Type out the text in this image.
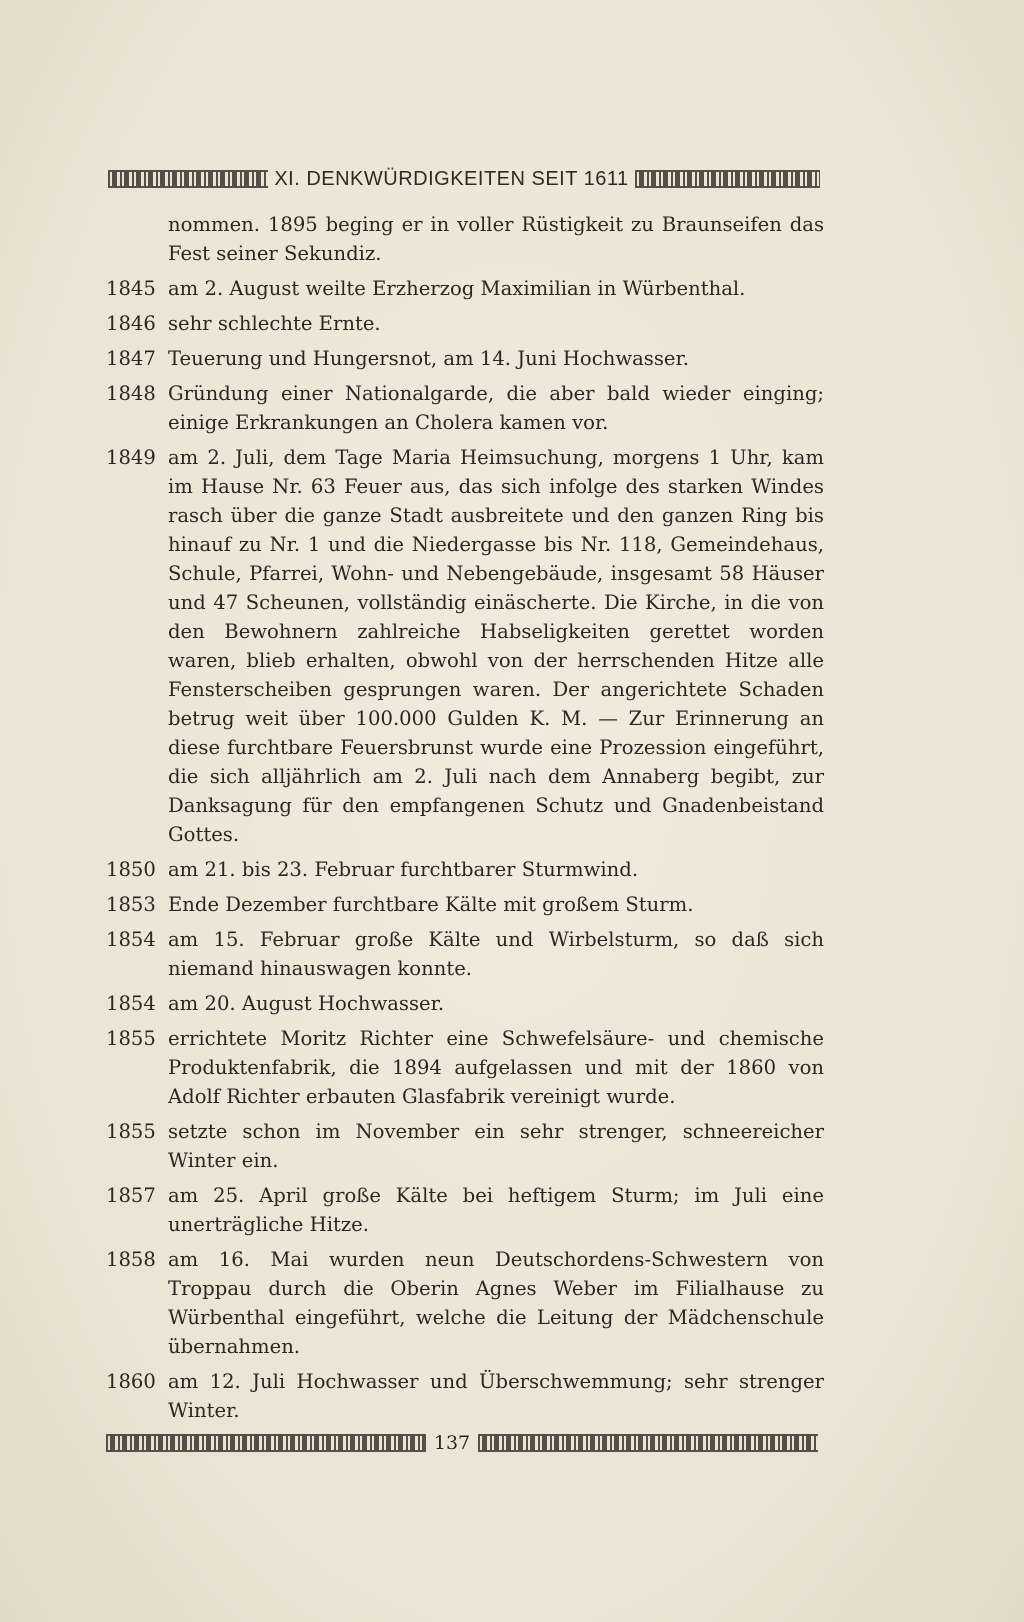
XI. DENKWÜRDIGKEITEN SEIT 1611
nommen. 1895 beging er in voller Rüstigkeit zu Braunseifen das Fest seiner Sekundiz.
1845 am 2. August weilte Erzherzog Maximilian in Würbenthal.
1846 sehr schlechte Ernte.
1847 Teuerung und Hungersnot, am 14. Juni Hochwasser.
1848 Gründung einer Nationalgarde, die aber bald wieder einging; einige Erkrankungen an Cholera kamen vor.
1849 am 2. Juli, dem Tage Maria Heimsuchung, morgens 1 Uhr, kam im Hause Nr. 63 Feuer aus, das sich infolge des starken Windes rasch über die ganze Stadt ausbreitete und den ganzen Ring bis hinauf zu Nr. 1 und die Niedergasse bis Nr. 118, Gemeindehaus, Schule, Pfarrei, Wohn- und Nebengebäude, insgesamt 58 Häuser und 47 Scheunen, vollständig einäscherte. Die Kirche, in die von den Bewohnern zahlreiche Habseligkeiten gerettet worden waren, blieb erhalten, obwohl von der herrschenden Hitze alle Fensterscheiben gesprungen waren. Der angerichtete Schaden betrug weit über 100.000 Gulden K. M. — Zur Erinnerung an diese furchtbare Feuersbrunst wurde eine Prozession eingeführt, die sich alljährlich am 2. Juli nach dem Annaberg begibt, zur Danksagung für den empfangenen Schutz und Gnadenbeistand Gottes.
1850 am 21. bis 23. Februar furchtbarer Sturmwind.
1853 Ende Dezember furchtbare Kälte mit großem Sturm.
1854 am 15. Februar große Kälte und Wirbelsturm, so daß sich niemand hinauswagen konnte.
1854 am 20. August Hochwasser.
1855 errichtete Moritz Richter eine Schwefelsäure- und chemische Produktenfabrik, die 1894 aufgelassen und mit der 1860 von Adolf Richter erbauten Glasfabrik vereinigt wurde.
1855 setzte schon im November ein sehr strenger, schneereicher Winter ein.
1857 am 25. April große Kälte bei heftigem Sturm; im Juli eine unerträgliche Hitze.
1858 am 16. Mai wurden neun Deutschordens-Schwestern von Troppau durch die Oberin Agnes Weber im Filialhause zu Würbenthal eingeführt, welche die Leitung der Mädchenschule übernahmen.
1860 am 12. Juli Hochwasser und Überschwemmung; sehr strenger Winter.
137
